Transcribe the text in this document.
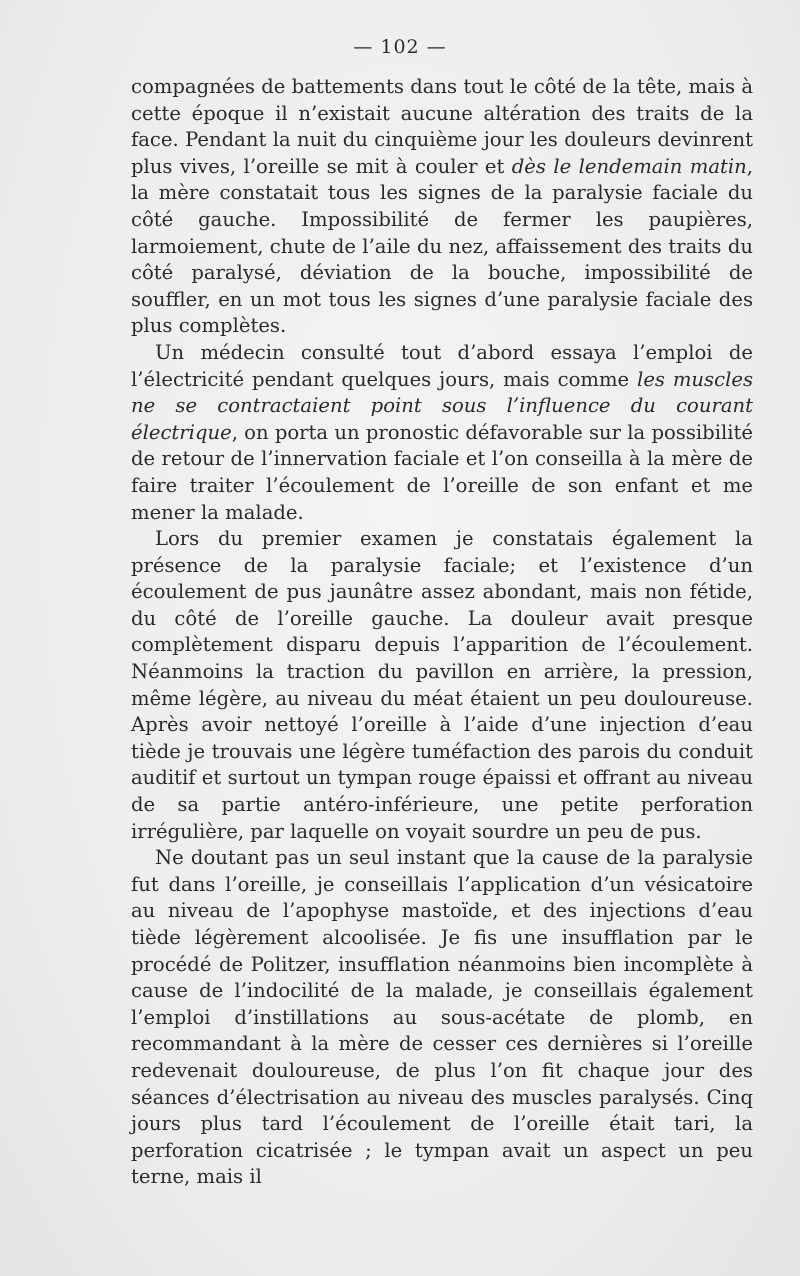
— 102 —

compagnées de battements dans tout le côté de la tête, mais à cette époque il n’existait aucune altération des traits de la face. Pendant la nuit du cinquième jour les douleurs devinrent plus vives, l’oreille se mit à couler et dès le lendemain matin, la mère constatait tous les signes de la paralysie faciale du côté gauche. Impossibilité de fermer les paupières, larmoiement, chute de l’aile du nez, affaissement des traits du côté paralysé, déviation de la bouche, impossibilité de souffler, en un mot tous les signes d’une paralysie faciale des plus complètes.

Un médecin consulté tout d’abord essaya l’emploi de l’électricité pendant quelques jours, mais comme les muscles ne se contractaient point sous l’influence du courant électrique, on porta un pronostic défavorable sur la possibilité de retour de l’innervation faciale et l’on conseilla à la mère de faire traiter l’écoulement de l’oreille de son enfant et me mener la malade.

Lors du premier examen je constatais également la présence de la paralysie faciale; et l’existence d’un écoulement de pus jaunâtre assez abondant, mais non fétide, du côté de l’oreille gauche. La douleur avait presque complètement disparu depuis l’apparition de l’écoulement. Néanmoins la traction du pavillon en arrière, la pression, même légère, au niveau du méat étaient un peu douloureuse. Après avoir nettoyé l’oreille à l’aide d’une injection d’eau tiède je trouvais une légère tuméfaction des parois du conduit auditif et surtout un tympan rouge épaissi et offrant au niveau de sa partie antéro-inférieure, une petite perforation irrégulière, par laquelle on voyait sourdre un peu de pus.

Ne doutant pas un seul instant que la cause de la paralysie fut dans l’oreille, je conseillais l’application d’un vésicatoire au niveau de l’apophyse mastoïde, et des injections d’eau tiède légèrement alcoolisée. Je fis une insufflation par le procédé de Politzer, insufflation néanmoins bien incomplète à cause de l’indocilité de la malade, je conseillais également l’emploi d’instillations au sous-acétate de plomb, en recommandant à la mère de cesser ces dernières si l’oreille redevenait douloureuse, de plus l’on fit chaque jour des séances d’électrisation au niveau des muscles paralysés. Cinq jours plus tard l’écoulement de l’oreille était tari, la perforation cicatrisée ; le tympan avait un aspect un peu terne, mais il
